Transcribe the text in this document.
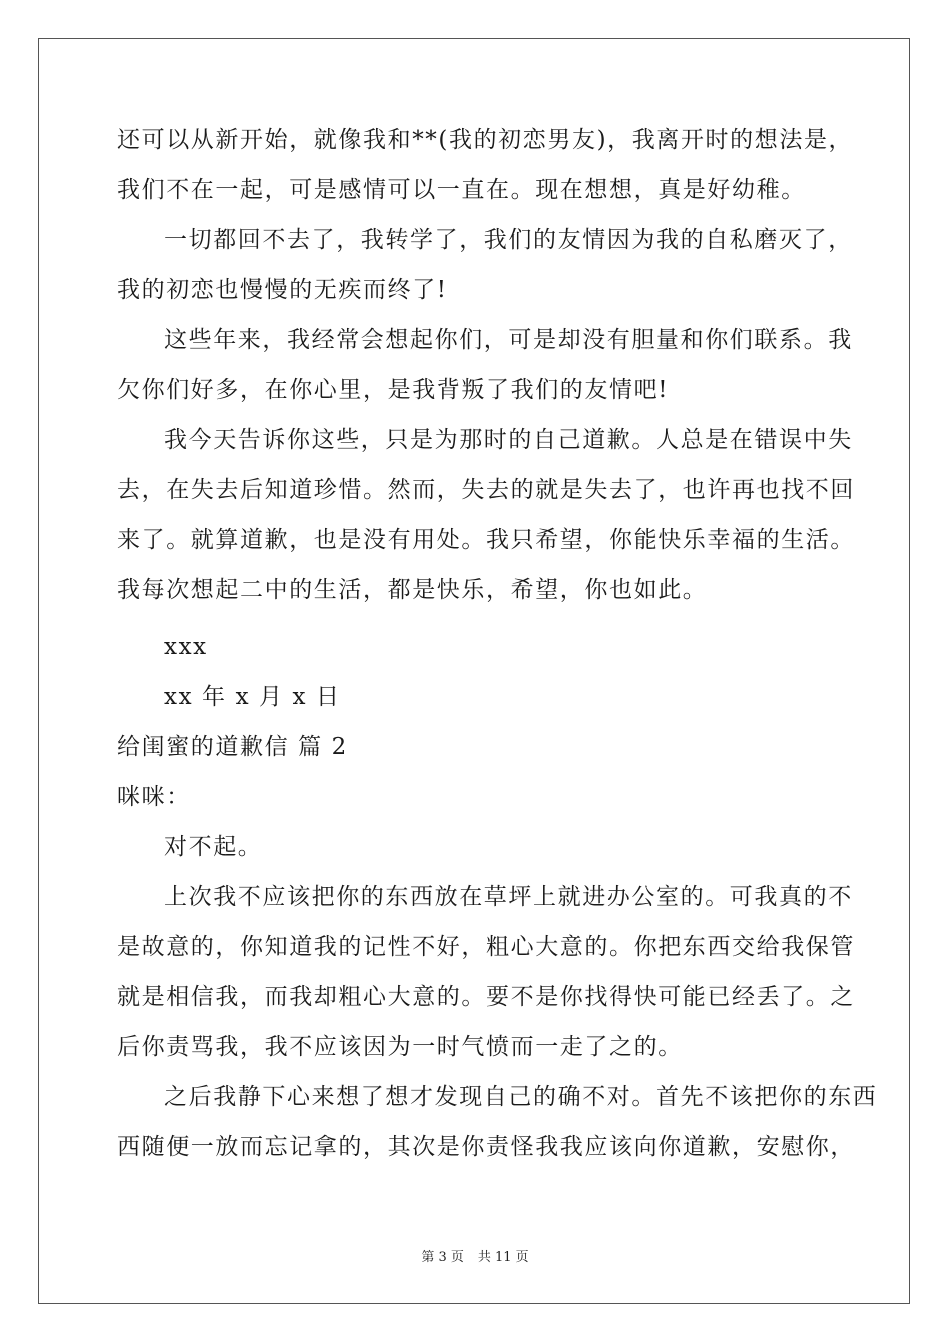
还可以从新开始，就像我和**(我的初恋男友)，我离开时的想法是，
我们不在一起，可是感情可以一直在。现在想想，真是好幼稚。
一切都回不去了，我转学了，我们的友情因为我的自私磨灭了，
我的初恋也慢慢的无疾而终了!
这些年来，我经常会想起你们，可是却没有胆量和你们联系。我
欠你们好多，在你心里，是我背叛了我们的友情吧!
我今天告诉你这些，只是为那时的自己道歉。人总是在错误中失
去，在失去后知道珍惜。然而，失去的就是失去了，也许再也找不回
来了。就算道歉，也是没有用处。我只希望，你能快乐幸福的生活。
我每次想起二中的生活，都是快乐，希望，你也如此。
xxx
xx 年 x 月 x 日
给闺蜜的道歉信 篇 2
咪咪：
对不起。
上次我不应该把你的东西放在草坪上就进办公室的。可我真的不
是故意的，你知道我的记性不好，粗心大意的。你把东西交给我保管
就是相信我，而我却粗心大意的。要不是你找得快可能已经丢了。之
后你责骂我，我不应该因为一时气愤而一走了之的。
之后我静下心来想了想才发现自己的确不对。首先不该把你的东西
西随便一放而忘记拿的，其次是你责怪我我应该向你道歉，安慰你，
第 3 页 共 11 页
